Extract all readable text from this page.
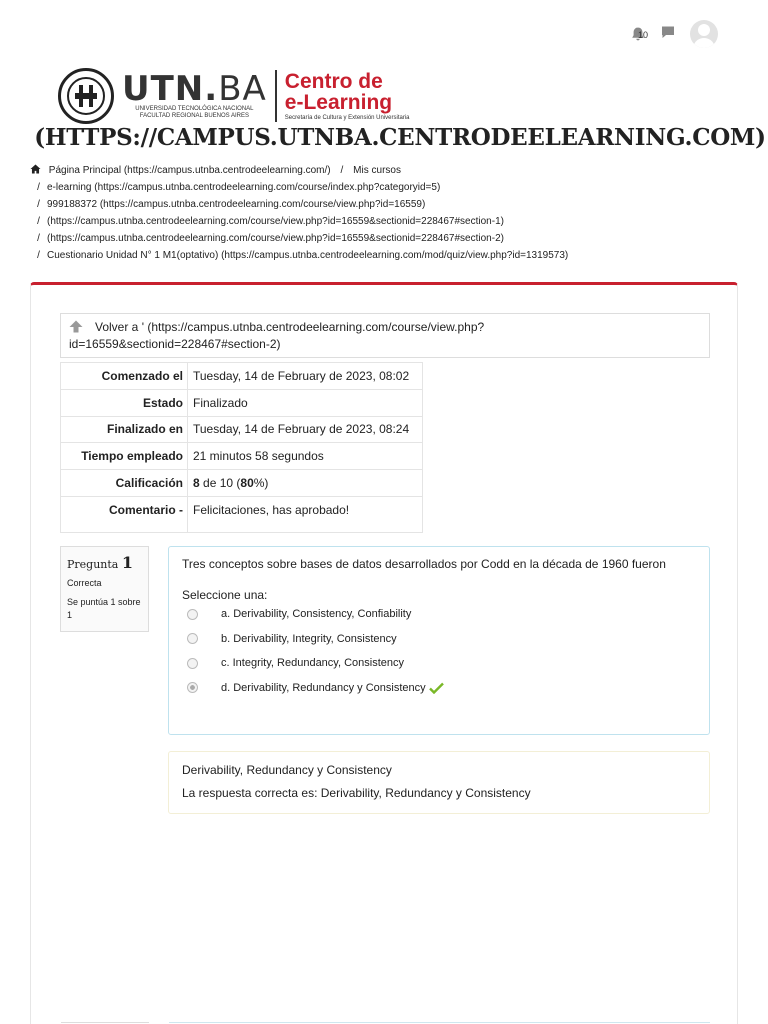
10
UTN.BA
UNIVERSIDAD TECNOLÓGICA NACIONAL
FACULTAD REGIONAL BUENOS AIRES
Centro de
e-Learning
Secretaría de Cultura y Extensión Universitaria
(HTTPS://CAMPUS.UTNBA.CENTRODEELEARNING.COM)
Página Principal (https://campus.utnba.centrodeelearning.com/) / Mis cursos
/ e-learning (https://campus.utnba.centrodeelearning.com/course/index.php?categoryid=5)
/ 999188372 (https://campus.utnba.centrodeelearning.com/course/view.php?id=16559)
/ (https://campus.utnba.centrodeelearning.com/course/view.php?id=16559&sectionid=228467#section-1)
/ (https://campus.utnba.centrodeelearning.com/course/view.php?id=16559&sectionid=228467#section-2)
/ Cuestionario Unidad N° 1 M1(optativo) (https://campus.utnba.centrodeelearning.com/mod/quiz/view.php?id=1319573)
Volver a ' (https://campus.utnba.centrodeelearning.com/course/view.php?
id=16559&sectionid=228467#section-2)
Comenzado el	Tuesday, 14 de February de 2023, 08:02
Estado	Finalizado
Finalizado en	Tuesday, 14 de February de 2023, 08:24
Tiempo empleado	21 minutos 58 segundos
Calificación	8 de 10 (80%)
Comentario -	Felicitaciones, has aprobado!
Pregunta 1
Correcta
Se puntúa 1 sobre 1
Tres conceptos sobre bases de datos desarrollados por Codd en la década de 1960 fueron
Seleccione una:
a. Derivability, Consistency, Confiability
b. Derivability, Integrity, Consistency
c. Integrity, Redundancy, Consistency
d. Derivability, Redundancy y Consistency
Derivability, Redundancy y Consistency
La respuesta correcta es: Derivability, Redundancy y Consistency
